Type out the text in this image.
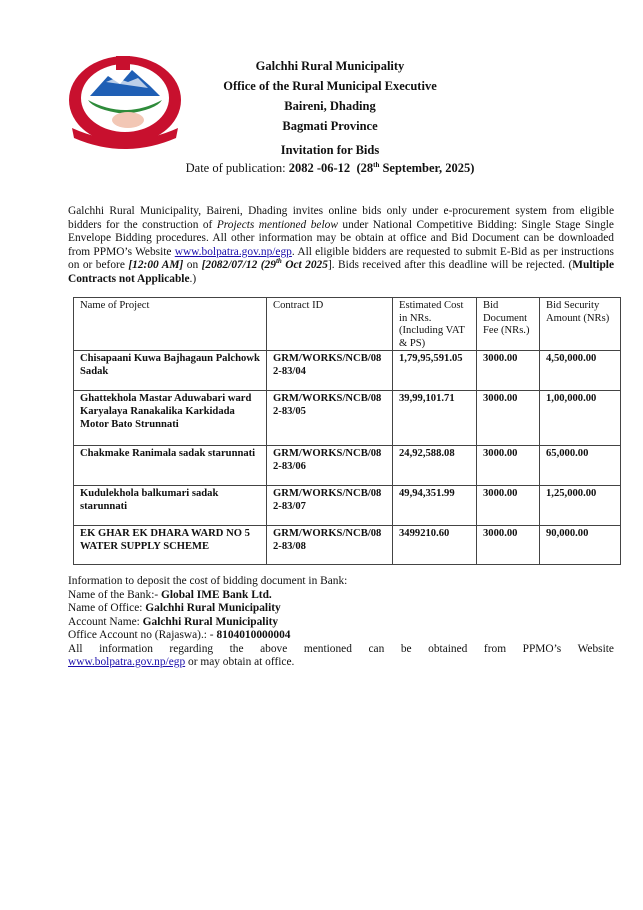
Galchhi Rural Municipality
Office of the Rural Municipal Executive
Baireni, Dhading
Bagmati Province
Invitation for Bids
Date of publication: 2082 -06-12 (28th September, 2025)
Galchhi Rural Municipality, Baireni, Dhading invites online bids only under e-procurement system from eligible bidders for the construction of Projects mentioned below under National Competitive Bidding: Single Stage Single Envelope Bidding procedures. All other information may be obtain at office and Bid Document can be downloaded from PPMO’s Website www.bolpatra.gov.np/egp. All eligible bidders are requested to submit E-Bid as per instructions on or before [12:00 AM] on [2082/07/12 (29th Oct 2025]. Bids received after this deadline will be rejected. (Multiple Contracts not Applicable.)
Name of Project	Contract ID	Estimated Cost in NRs. (Including VAT & PS)	Bid Document Fee (NRs.)	Bid Security Amount (NRs)
Chisapaani Kuwa Bajhagaun Palchowk Sadak	GRM/WORKS/NCB/082-83/04	1,79,95,591.05	3000.00	4,50,000.00
Ghattekhola Mastar Aduwabari ward Karyalaya Ranakalika Karkidada Motor Bato Strunnati	GRM/WORKS/NCB/082-83/05	39,99,101.71	3000.00	1,00,000.00
Chakmake Ranimala sadak starunnati	GRM/WORKS/NCB/082-83/06	24,92,588.08	3000.00	65,000.00
Kudulekhola balkumari sadak starunnati	GRM/WORKS/NCB/082-83/07	49,94,351.99	3000.00	1,25,000.00
EK GHAR EK DHARA WARD NO 5 WATER SUPPLY SCHEME	GRM/WORKS/NCB/082-83/08	3499210.60	3000.00	90,000.00
Information to deposit the cost of bidding document in Bank:
Name of the Bank:- Global IME Bank Ltd.
Name of Office: Galchhi Rural Municipality
Account Name: Galchhi Rural Municipality
Office Account no (Rajaswa).: - 8104010000004
All information regarding the above mentioned can be obtained from PPMO’s Website
www.bolpatra.gov.np/egp or may obtain at office.
